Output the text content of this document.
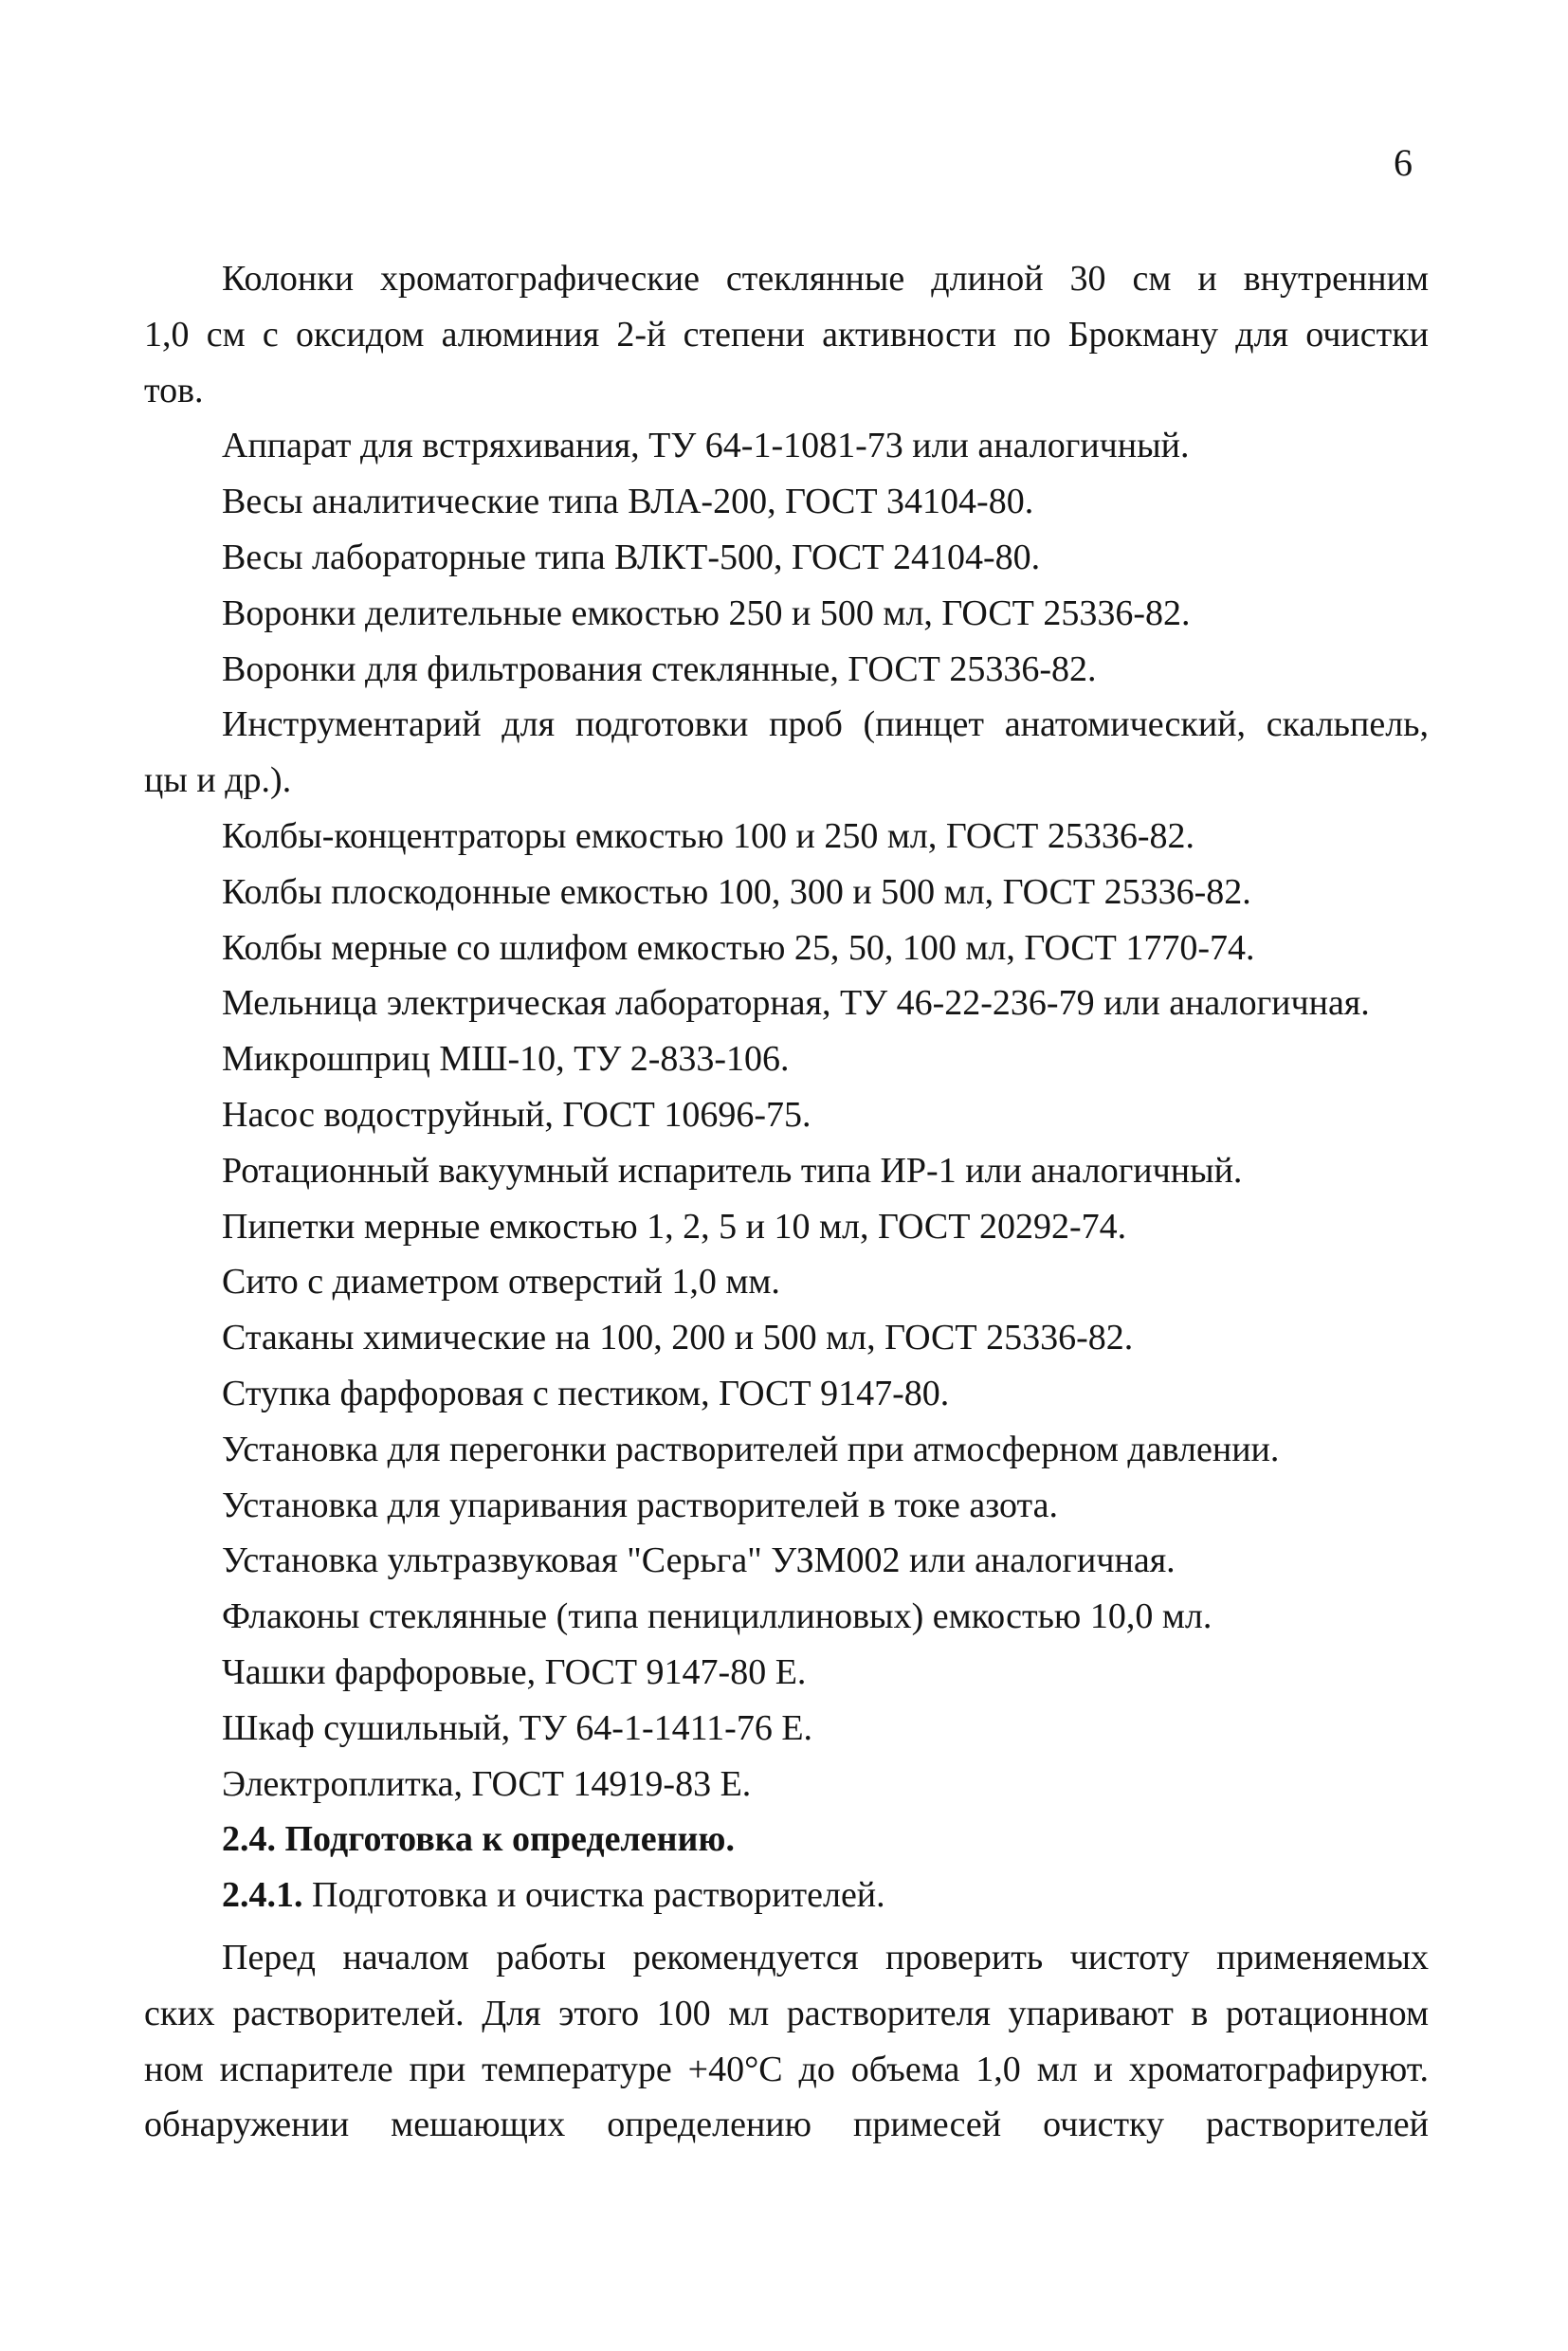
6
Колонки хроматографические стеклянные длиной 30 см и внутренним
1,0 см с оксидом алюминия 2-й степени активности по Брокману для очистки
тов.
Аппарат для встряхивания, ТУ 64-1-1081-73 или аналогичный.
Весы аналитические типа ВЛА-200, ГОСТ 34104-80.
Весы лабораторные типа ВЛКТ-500, ГОСТ 24104-80.
Воронки делительные емкостью 250 и 500 мл, ГОСТ 25336-82.
Воронки для фильтрования стеклянные, ГОСТ 25336-82.
Инструментарий для подготовки проб (пинцет анатомический, скальпель,
цы и др.).
Колбы-концентраторы емкостью 100 и 250 мл, ГОСТ 25336-82.
Колбы плоскодонные емкостью 100, 300 и 500 мл, ГОСТ 25336-82.
Колбы мерные со шлифом емкостью 25, 50, 100 мл, ГОСТ 1770-74.
Мельница электрическая лабораторная, ТУ 46-22-236-79 или аналогичная.
Микрошприц МШ-10, ТУ 2-833-106.
Насос водоструйный, ГОСТ 10696-75.
Ротационный вакуумный испаритель типа ИР-1 или аналогичный.
Пипетки мерные емкостью 1, 2, 5 и 10 мл, ГОСТ 20292-74.
Сито с диаметром отверстий 1,0 мм.
Стаканы химические на 100, 200 и 500 мл, ГОСТ 25336-82.
Ступка фарфоровая с пестиком, ГОСТ 9147-80.
Установка для перегонки растворителей при атмосферном давлении.
Установка для упаривания растворителей в токе азота.
Установка ультразвуковая "Серьга" УЗМ002 или аналогичная.
Флаконы стеклянные (типа пенициллиновых) емкостью 10,0 мл.
Чашки фарфоровые, ГОСТ 9147-80 Е.
Шкаф сушильный, ТУ 64-1-1411-76 Е.
Электроплитка, ГОСТ 14919-83 Е.
2.4. Подготовка к определению.
2.4.1. Подготовка и очистка растворителей.
Перед началом работы рекомендуется проверить чистоту применяемых
ских растворителей. Для этого 100 мл растворителя упаривают в ротационном
ном испарителе при температуре +40°С до объема 1,0 мл и хроматографируют.
обнаружении мешающих определению примесей очистку растворителей
